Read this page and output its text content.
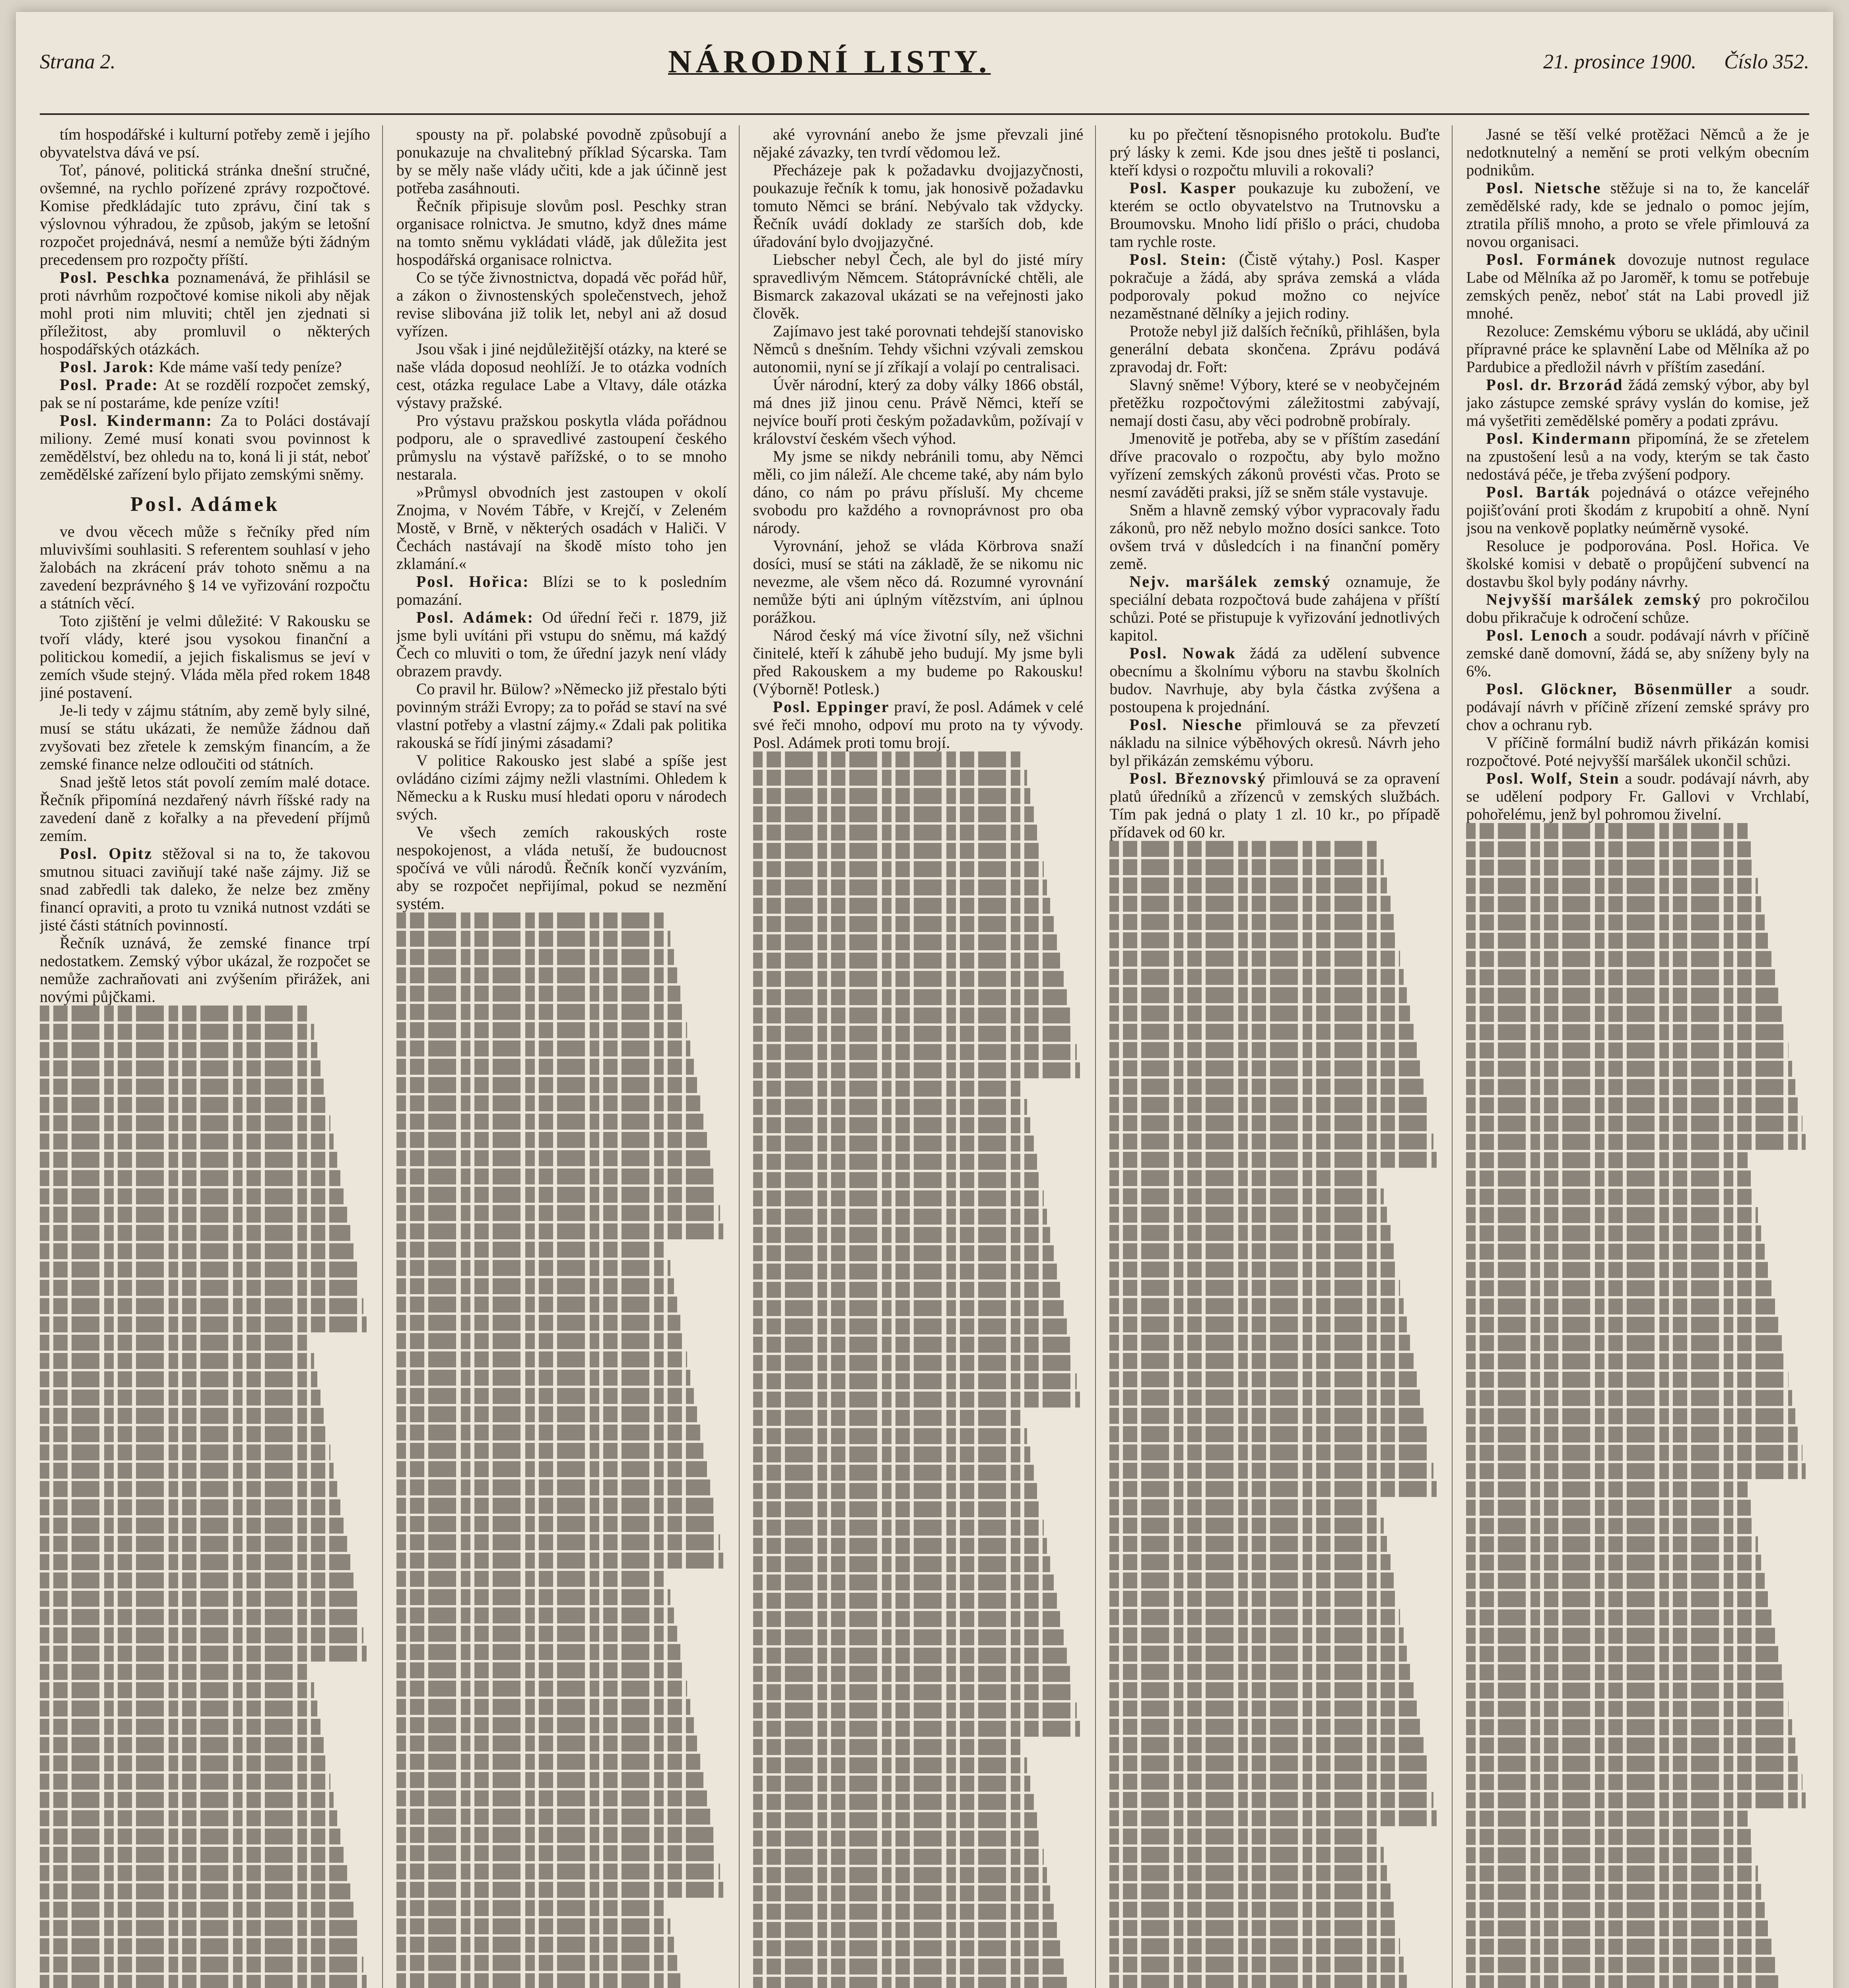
Strana 2.	NÁRODNÍ LISTY.	21. prosince 1900. Číslo 352.

tím hospodářské i kulturní potřeby země i jejího obyvatelstva dává ve psí.

Toť, pánové, politická stránka dnešní stručné, ovšemné, na rychlo pořízené zprávy rozpočtové. Komise předkládajíc tuto zprávu, činí tak s výslovnou výhradou, že způsob, jakým se letošní rozpočet projednává, nesmí a nemůže býti žádným precedensem pro rozpočty příští.

Posl. Peschka poznamenává, že přihlásil se proti návrhům rozpočtové komise nikoli aby nějak mohl proti nim mluviti; chtěl jen zjednati si příležitost, aby promluvil o některých hospodářských otázkách.

Posl. Jarok: Kde máme vaší tedy peníze?

Posl. Prade: At se rozdělí rozpočet zemský, pak se ní postaráme, kde peníze vzíti!

Posl. Kindermann: Za to Poláci dostávají miliony. Zemé musí konati svou povinnost k zemědělství, bez ohledu na to, koná li ji stát, neboť zemědělské zařízení bylo přijato zemskými sněmy.

Posl. Adámek

ve dvou věcech může s řečníky před ním mluvivšími souhlasiti. S referentem souhlasí v jeho žalobách na zkrácení práv tohoto sněmu a na zavedení bezprávného § 14 ve vyřizování rozpočtu a státních věcí.

Toto zjištění je velmi důležité: V Rakousku se tvoří vlády, které jsou vysokou finanční a politickou komedií, a jejich fiskalismus se jeví v zemích všude stejný. Vláda měla před rokem 1848 jiné postavení.

Je-li tedy v zájmu státním, aby země byly silné, musí se státu ukázati, že nemůže žádnou daň zvyšovati bez zřetele k zemským financím, a že zemské finance nelze odloučiti od státních.

Snad ještě letos stát povolí zemím malé dotace. Řečník připomíná nezdařený návrh říšské rady na zavedení daně z kořalky a na převedení příjmů zemím.

Posl. Opitz stěžoval si na to, že takovou smutnou situaci zaviňují také naše zájmy. Již se snad zabředli tak daleko, že nelze bez změny financí opraviti, a proto tu vzniká nutnost vzdáti se jisté části státních povinností.

Řečník uznává, že zemské finance trpí nedostatkem. Zemský výbor ukázal, že rozpočet se nemůže zachraňovati ani zvýšením přirážek, ani novými půjčkami.

spousty na př. polabské povodně způsobují a ponukazuje na chvalitebný příklad Sýcarska. Tam by se měly naše vlády učiti, kde a jak účinně jest potřeba zasáhnouti.

Řečník připisuje slovům posl. Peschky stran organisace rolnictva. Je smutno, když dnes máme na tomto sněmu vykládati vládě, jak důležita jest hospodářská organisace rolnictva.

Co se týče živnostnictva, dopadá věc pořád hůř, a zákon o živnostenských společenstvech, jehož revise slibována již tolik let, nebyl ani až dosud vyřízen.

Jsou však i jiné nejdůležitější otázky, na které se naše vláda doposud neohlíží. Je to otázka vodních cest, otázka regulace Labe a Vltavy, dále otázka výstavy pražské.

Pro výstavu pražskou poskytla vláda pořádnou podporu, ale o spravedlivé zastoupení českého průmyslu na výstavě pařížské, o to se mnoho nestarala.

»Průmysl obvodních jest zastoupen v okolí Znojma, v Novém Tábře, v Krejčí, v Zeleném Mostě, v Brně, v některých osadách v Haliči. V Čechách nastávají na škodě místo toho jen zklamání.«

Posl. Hořica: Blízi se to k posledním pomazání.

Posl. Adámek: Od úřední řeči r. 1879, již jsme byli uvítáni při vstupu do sněmu, má každý Čech co mluviti o tom, že úřední jazyk není vlády obrazem pravdy.

Co pravil hr. Bülow? »Německo již přestalo býti povinným stráži Evropy; za to pořád se staví na své vlastní potřeby a vlastní zájmy.« Zdali pak politika rakouská se řídí jinými zásadami?

V politice Rakousko jest slabé a spíše jest ovládáno cizími zájmy nežli vlastními. Ohledem k Německu a k Rusku musí hledati oporu v národech svých.

Ve všech zemích rakouských roste nespokojenost, a vláda netuší, že budoucnost spočívá ve vůli národů. Řečník končí vyzváním, aby se rozpočet nepřijímal, pokud se nezmění systém.

aké vyrovnání anebo že jsme převzali jiné nějaké závazky, ten tvrdí vědomou lež.

Přecházeje pak k požadavku dvojjazyčnosti, poukazuje řečník k tomu, jak honosivě požadavku tomuto Němci se brání. Nebývalo tak vždycky. Řečník uvádí doklady ze starších dob, kde úřadování bylo dvojjazyčné.

Liebscher nebyl Čech, ale byl do jisté míry spravedlivým Němcem. Státoprávnícké chtěli, ale Bismarck zakazoval ukázati se na veřejnosti jako člověk.

Zajímavo jest také porovnati tehdejší stanovisko Němců s dnešním. Tehdy všichni vzývali zemskou autonomii, nyní se jí zříkají a volají po centralisaci.

Úvěr národní, který za doby války 1866 obstál, má dnes již jinou cenu. Právě Němci, kteří se nejvíce bouří proti českým požadavkům, požívají v království českém všech výhod.

My jsme se nikdy nebránili tomu, aby Němci měli, co jim náleží. Ale chceme také, aby nám bylo dáno, co nám po právu přísluší. My chceme svobodu pro každého a rovnoprávnost pro oba národy.

Vyrovnání, jehož se vláda Körbrova snaží dosíci, musí se státi na základě, že se nikomu nic nevezme, ale všem něco dá. Rozumné vyrovnání nemůže býti ani úplným vítězstvím, ani úplnou porážkou.

Národ český má více životní síly, než všichni činitelé, kteří k záhubě jeho budují. My jsme byli před Rakouskem a my budeme po Rakousku! (Výborně! Potlesk.)

Posl. Eppinger praví, že posl. Adámek v celé své řeči mnoho, odpoví mu proto na ty vývody. Posl. Adámek proti tomu brojí.

ku po přečtení těsnopisného protokolu. Buďte prý lásky k zemi. Kde jsou dnes ještě ti poslanci, kteří kdysi o rozpočtu mluvili a rokovali?

Posl. Kasper poukazuje ku zubožení, ve kterém se octlo obyvatelstvo na Trutnovsku a Broumovsku. Mnoho lidí přišlo o práci, chudoba tam rychle roste.

Posl. Stein: (Čistě výtahy.) Posl. Kasper pokračuje a žádá, aby správa zemská a vláda podporovaly pokud možno co nejvíce nezaměstnané dělníky a jejich rodiny.

Protože nebyl již dalších řečníků, přihlášen, byla generální debata skončena. Zprávu podává zpravodaj dr. Fořt:

Slavný sněme! Výbory, které se v neobyčejném přetěžku rozpočtovými záležitostmi zabývají, nemají dosti času, aby věci podrobně probíraly.

Jmenovitě je potřeba, aby se v příštím zasedání dříve pracovalo o rozpočtu, aby bylo možno vyřízení zemských zákonů provésti včas. Proto se nesmí zaváděti praksi, jíž se sněm stále vystavuje.

Sněm a hlavně zemský výbor vypracovaly řadu zákonů, pro něž nebylo možno dosíci sankce. Toto ovšem trvá v důsledcích i na finanční poměry země.

Nejv. maršálek zemský oznamuje, že speciální debata rozpočtová bude zahájena v příští schůzi. Poté se přistupuje k vyřizování jednotlivých kapitol.

Posl. Nowak žádá za udělení subvence obecnímu a školnímu výboru na stavbu školních budov. Navrhuje, aby byla částka zvýšena a postoupena k projednání.

Posl. Niesche přimlouvá se za převzetí nákladu na silnice výběhových okresů. Návrh jeho byl přikázán zemskému výboru.

Posl. Březnovský přimlouvá se za opravení platů úředníků a zřízenců v zemských službách. Tím pak jedná o platy 1 zl. 10 kr., po případě přídavek od 60 kr.

Jasné se těší velké protěžaci Němců a že je nedotknutelný a nemění se proti velkým obecním podnikům.

Posl. Nietsche stěžuje si na to, že kancelář zemědělské rady, kde se jednalo o pomoc jejím, ztratila příliš mnoho, a proto se vřele přimlouvá za novou organisaci.

Posl. Formánek dovozuje nutnost regulace Labe od Mělníka až po Jaroměř, k tomu se potřebuje zemských peněz, neboť stát na Labi provedl již mnohé.

Rezoluce: Zemskému výboru se ukládá, aby učinil přípravné práce ke splavnění Labe od Mělníka až po Pardubice a předložil návrh v příštím zasedání.

Posl. dr. Brzorád žádá zemský výbor, aby byl jako zástupce zemské správy vyslán do komise, jež má vyšetřiti zemědělské poměry a podati zprávu.

Posl. Kindermann připomíná, že se zřetelem na zpustošení lesů a na vody, kterým se tak často nedostává péče, je třeba zvýšení podpory.

Posl. Barták pojednává o otázce veřejného pojišťování proti škodám z krupobití a ohně. Nyní jsou na venkově poplatky neúměrně vysoké.

Resoluce je podporována. Posl. Hořica. Ve školské komisi v debatě o propůjčení subvencí na dostavbu škol byly podány návrhy.

Nejvyšší maršálek zemský pro pokročilou dobu přikračuje k odročení schůze.

Posl. Lenoch a soudr. podávají návrh v příčině zemské daně domovní, žádá se, aby sníženy byly na 6%.

Posl. Glöckner, Bösenmüller a soudr. podávají návrh v příčině zřízení zemské správy pro chov a ochranu ryb.

V příčině formální budiž návrh přikázán komisi rozpočtové. Poté nejvyšší maršálek ukončil schůzi.

Posl. Wolf, Stein a soudr. podávají návrh, aby se udělení podpory Fr. Gallovi v Vrchlabí, pohořelému, jenž byl pohromou živelní.
